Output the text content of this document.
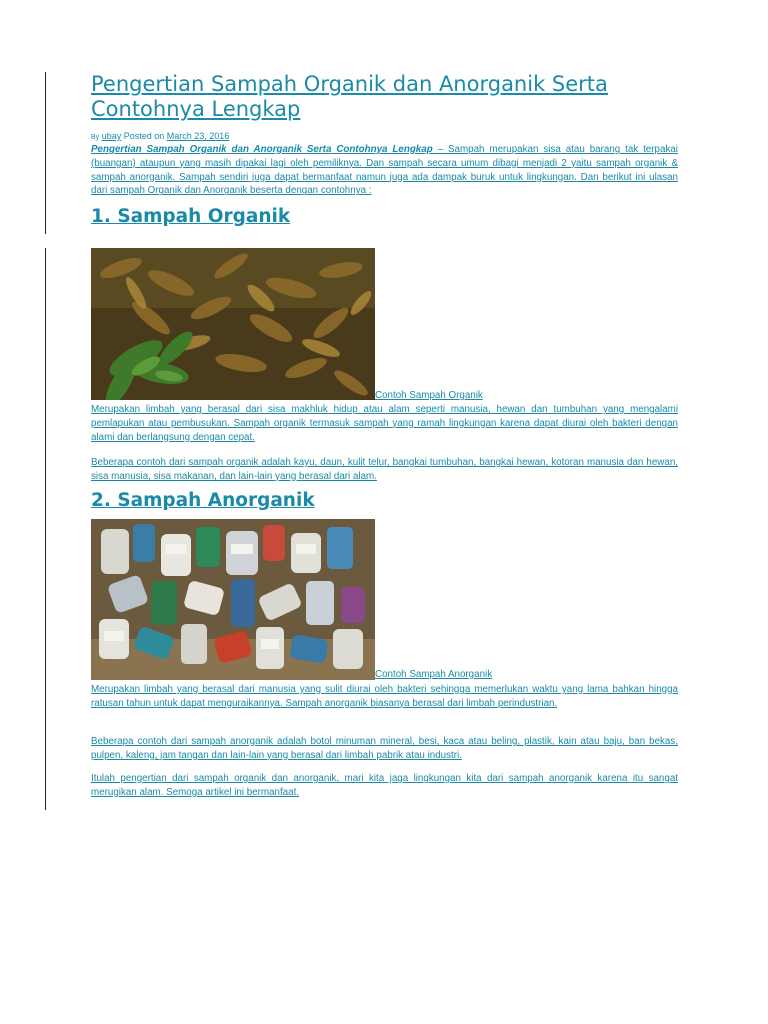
Pengertian Sampah Organik dan Anorganik Serta Contohnya Lengkap
By ubay Posted on March 23, 2016

Pengertian Sampah Organik dan Anorganik Serta Contohnya Lengkap – Sampah merupakan sisa atau barang tak terpakai (buangan) ataupun yang masih dipakai lagi oleh pemiliknya. Dan sampah secara umum dibagi menjadi 2 yaitu sampah organik & sampah anorganik. Sampah sendiri juga dapat bermanfaat namun juga ada dampak buruk untuk lingkungan. Dan berikut ini ulasan dari sampah Organik dan Anorganik beserta dengan contohnya :

1. Sampah Organik
Contoh Sampah Organik

Merupakan limbah yang berasal dari sisa makhluk hidup atau alam seperti manusia, hewan dan tumbuhan yang mengalami pemlapukan atau pembusukan. Sampah organik termasuk sampah yang ramah lingkungan karena dapat diurai oleh bakteri dengan alami dan berlangsung dengan cepat.

Beberapa contoh dari sampah organik adalah kayu, daun, kulit telur, bangkai tumbuhan, bangkai hewan, kotoran manusia dan hewan, sisa manusia, sisa makanan, dan lain-lain yang berasal dari alam.

2. Sampah Anorganik
Contoh Sampah Anorganik

Merupakan limbah yang berasal dari manusia yang sulit diurai oleh bakteri sehingga memerlukan waktu yang lama bahkan hingga ratusan tahun untuk dapat menguraikannya. Sampah anorganik biasanya berasal dari limbah perindustrian.

Beberapa contoh dari sampah anorganik adalah botol minuman mineral, besi, kaca atau beling, plastik, kain atau baju, ban bekas, pulpen, kaleng, jam tangan dan lain-lain yang berasal dari limbah pabrik atau industri.

Itulah pengertian dari sampah organik dan anorganik, mari kita jaga lingkungan kita dari sampah anorganik karena itu sangat merugikan alam. Semoga artikel ini bermanfaat.
